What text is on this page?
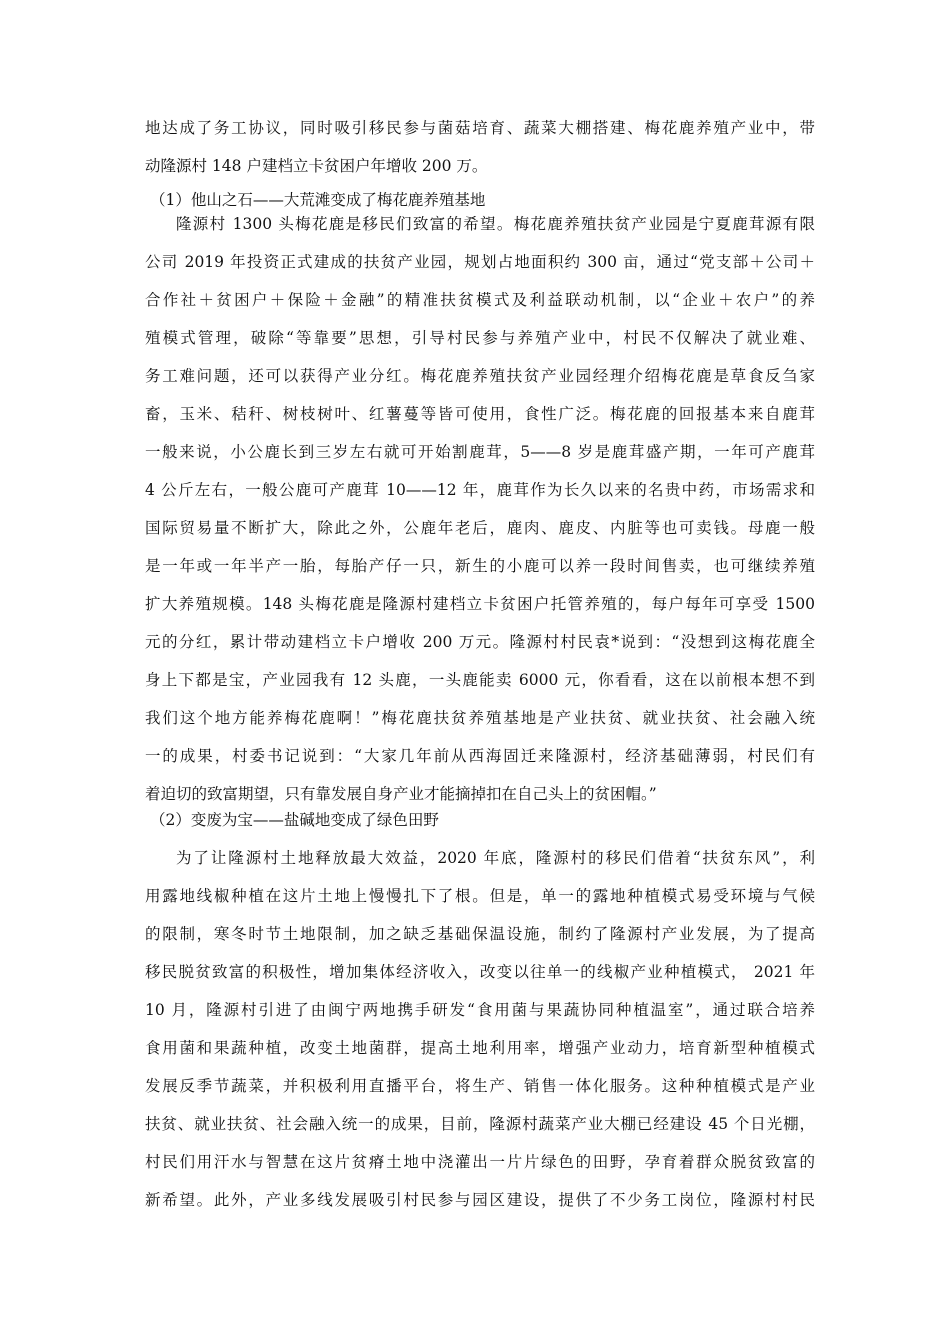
地达成了务工协议，同时吸引移民参与菌菇培育、蔬菜大棚搭建、梅花鹿养殖产业中，带
动隆源村 148 户建档立卡贫困户年增收 200 万。
（1）他山之石——大荒滩变成了梅花鹿养殖基地
隆源村 1300 头梅花鹿是移民们致富的希望。梅花鹿养殖扶贫产业园是宁夏鹿茸源有限
公司 2019 年投资正式建成的扶贫产业园，规划占地面积约 300 亩，通过“党支部＋公司＋
合作社＋贫困户＋保险＋金融”的精准扶贫模式及利益联动机制，以“企业＋农户”的养
殖模式管理，破除“等靠要”思想，引导村民参与养殖产业中，村民不仅解决了就业难、
务工难问题，还可以获得产业分红。梅花鹿养殖扶贫产业园经理介绍梅花鹿是草食反刍家
畜，玉米、秸秆、树枝树叶、红薯蔓等皆可使用，食性广泛。梅花鹿的回报基本来自鹿茸
一般来说，小公鹿长到三岁左右就可开始割鹿茸，5——8 岁是鹿茸盛产期，一年可产鹿茸
4 公斤左右，一般公鹿可产鹿茸 10——12 年，鹿茸作为长久以来的名贵中药，市场需求和
国际贸易量不断扩大，除此之外，公鹿年老后，鹿肉、鹿皮、内脏等也可卖钱。母鹿一般
是一年或一年半产一胎，每胎产仔一只，新生的小鹿可以养一段时间售卖，也可继续养殖
扩大养殖规模。148 头梅花鹿是隆源村建档立卡贫困户托管养殖的，每户每年可享受 1500
元的分红，累计带动建档立卡户增收 200 万元。隆源村村民袁*说到：“没想到这梅花鹿全
身上下都是宝，产业园我有 12 头鹿，一头鹿能卖 6000 元，你看看，这在以前根本想不到
我们这个地方能养梅花鹿啊！”梅花鹿扶贫养殖基地是产业扶贫、就业扶贫、社会融入统
一的成果，村委书记说到：“大家几年前从西海固迁来隆源村，经济基础薄弱，村民们有
着迫切的致富期望，只有靠发展自身产业才能摘掉扣在自己头上的贫困帽。”
（2）变废为宝——盐碱地变成了绿色田野
为了让隆源村土地释放最大效益，2020 年底，隆源村的移民们借着“扶贫东风”，利
用露地线椒种植在这片土地上慢慢扎下了根。但是，单一的露地种植模式易受环境与气候
的限制，寒冬时节土地限制，加之缺乏基础保温设施，制约了隆源村产业发展，为了提高
移民脱贫致富的积极性，增加集体经济收入，改变以往单一的线椒产业种植模式， 2021 年
10 月，隆源村引进了由闽宁两地携手研发“食用菌与果蔬协同种植温室”，通过联合培养
食用菌和果蔬种植，改变土地菌群，提高土地利用率，增强产业动力，培育新型种植模式
发展反季节蔬菜，并积极利用直播平台，将生产、销售一体化服务。这种种植模式是产业
扶贫、就业扶贫、社会融入统一的成果，目前，隆源村蔬菜产业大棚已经建设 45 个日光棚，
村民们用汗水与智慧在这片贫瘠土地中浇灌出一片片绿色的田野，孕育着群众脱贫致富的
新希望。此外，产业多线发展吸引村民参与园区建设，提供了不少务工岗位，隆源村村民
